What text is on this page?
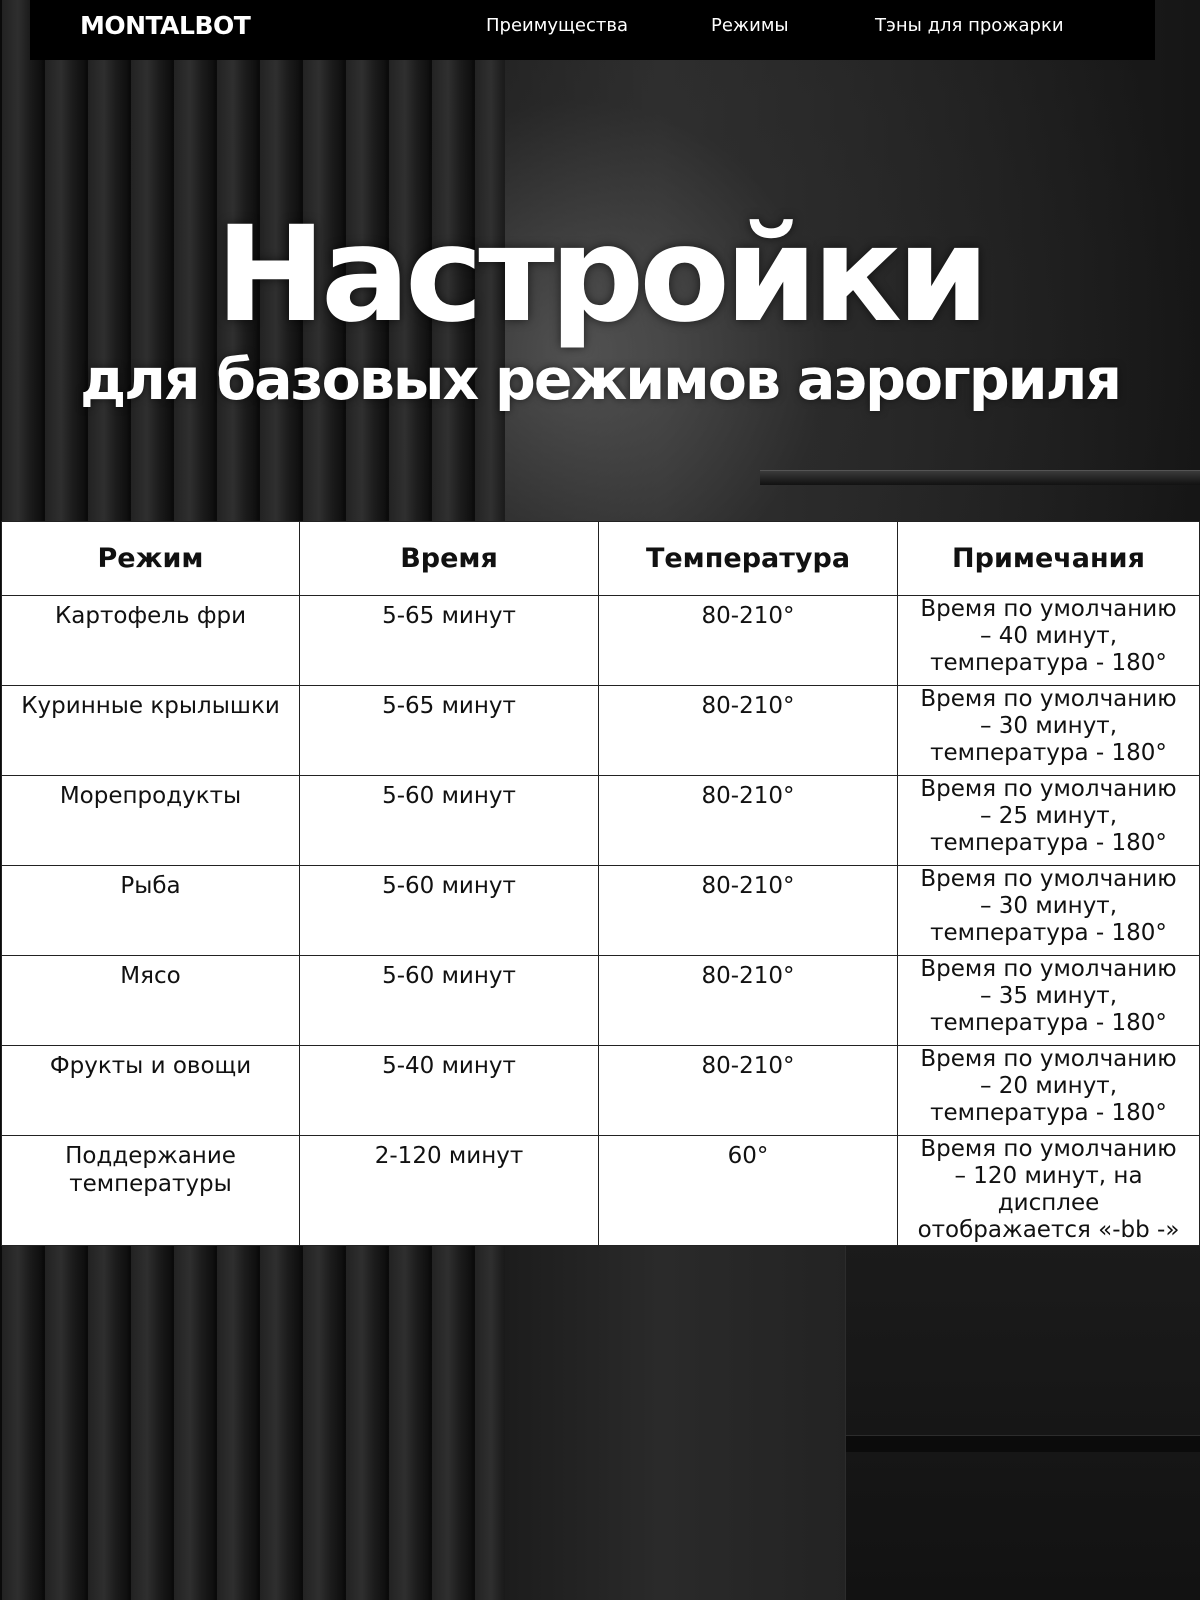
MONTALBOT	Преимущества	Режимы	Тэны для прожарки
Настройки
для базовых режимов аэрогриля
Режим	Время	Температура	Примечания
Картофель фри	5-65 минут	80-210°	Время по умолчанию
– 40 минут,
температура - 180°
Куринные крылышки	5-65 минут	80-210°	Время по умолчанию
– 30 минут,
температура - 180°
Морепродукты	5-60 минут	80-210°	Время по умолчанию
– 25 минут,
температура - 180°
Рыба	5-60 минут	80-210°	Время по умолчанию
– 30 минут,
температура - 180°
Мясо	5-60 минут	80-210°	Время по умолчанию
– 35 минут,
температура - 180°
Фрукты и овощи	5-40 минут	80-210°	Время по умолчанию
– 20 минут,
температура - 180°
Поддержание
температуры	2-120 минут	60°	Время по умолчанию
– 120 минут, на
дисплее
отображается «-bb -»
